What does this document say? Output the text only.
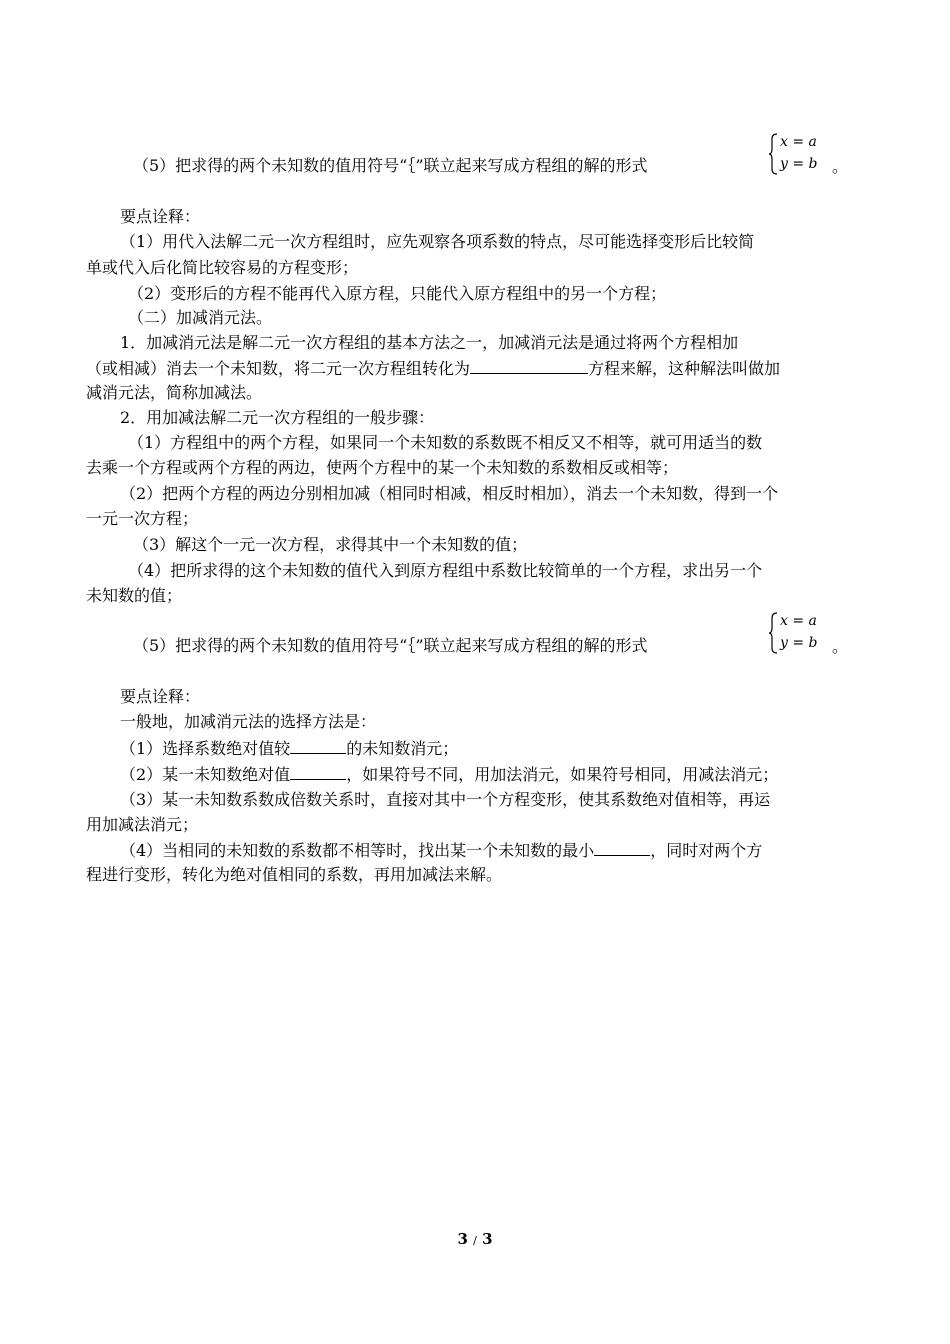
（5）把求得的两个未知数的值用符号“｛”联立起来写成方程组的解的形式
x = a
y = b 。
要点诠释：
（1）用代入法解二元一次方程组时，应先观察各项系数的特点，尽可能选择变形后比较简
单或代入后化简比较容易的方程变形；
（2）变形后的方程不能再代入原方程，只能代入原方程组中的另一个方程；
（二）加减消元法。
1．加减消元法是解二元一次方程组的基本方法之一，加减消元法是通过将两个方程相加
（或相减）消去一个未知数，将二元一次方程组转化为	方程来解，这种解法叫做加
减消元法，简称加减法。
2．用加减法解二元一次方程组的一般步骤：
（1）方程组中的两个方程，如果同一个未知数的系数既不相反又不相等，就可用适当的数
去乘一个方程或两个方程的两边，使两个方程中的某一个未知数的系数相反或相等；
（2）把两个方程的两边分别相加减（相同时相减，相反时相加），消去一个未知数，得到一个
一元一次方程；
（3）解这个一元一次方程，求得其中一个未知数的值；
（4）把所求得的这个未知数的值代入到原方程组中系数比较简单的一个方程，求出另一个
未知数的值；
（5）把求得的两个未知数的值用符号“｛”联立起来写成方程组的解的形式
x = a
y = b 。
要点诠释：
一般地，加减消元法的选择方法是：
（1）选择系数绝对值较	的未知数消元；
（2）某一未知数绝对值	，如果符号不同，用加法消元，如果符号相同，用减法消元；
（3）某一未知数系数成倍数关系时，直接对其中一个方程变形，使其系数绝对值相等，再运
用加减法消元；
（4）当相同的未知数的系数都不相等时，找出某一个未知数的最小	，同时对两个方
程进行变形，转化为绝对值相同的系数，再用加减法来解。
3 / 3
